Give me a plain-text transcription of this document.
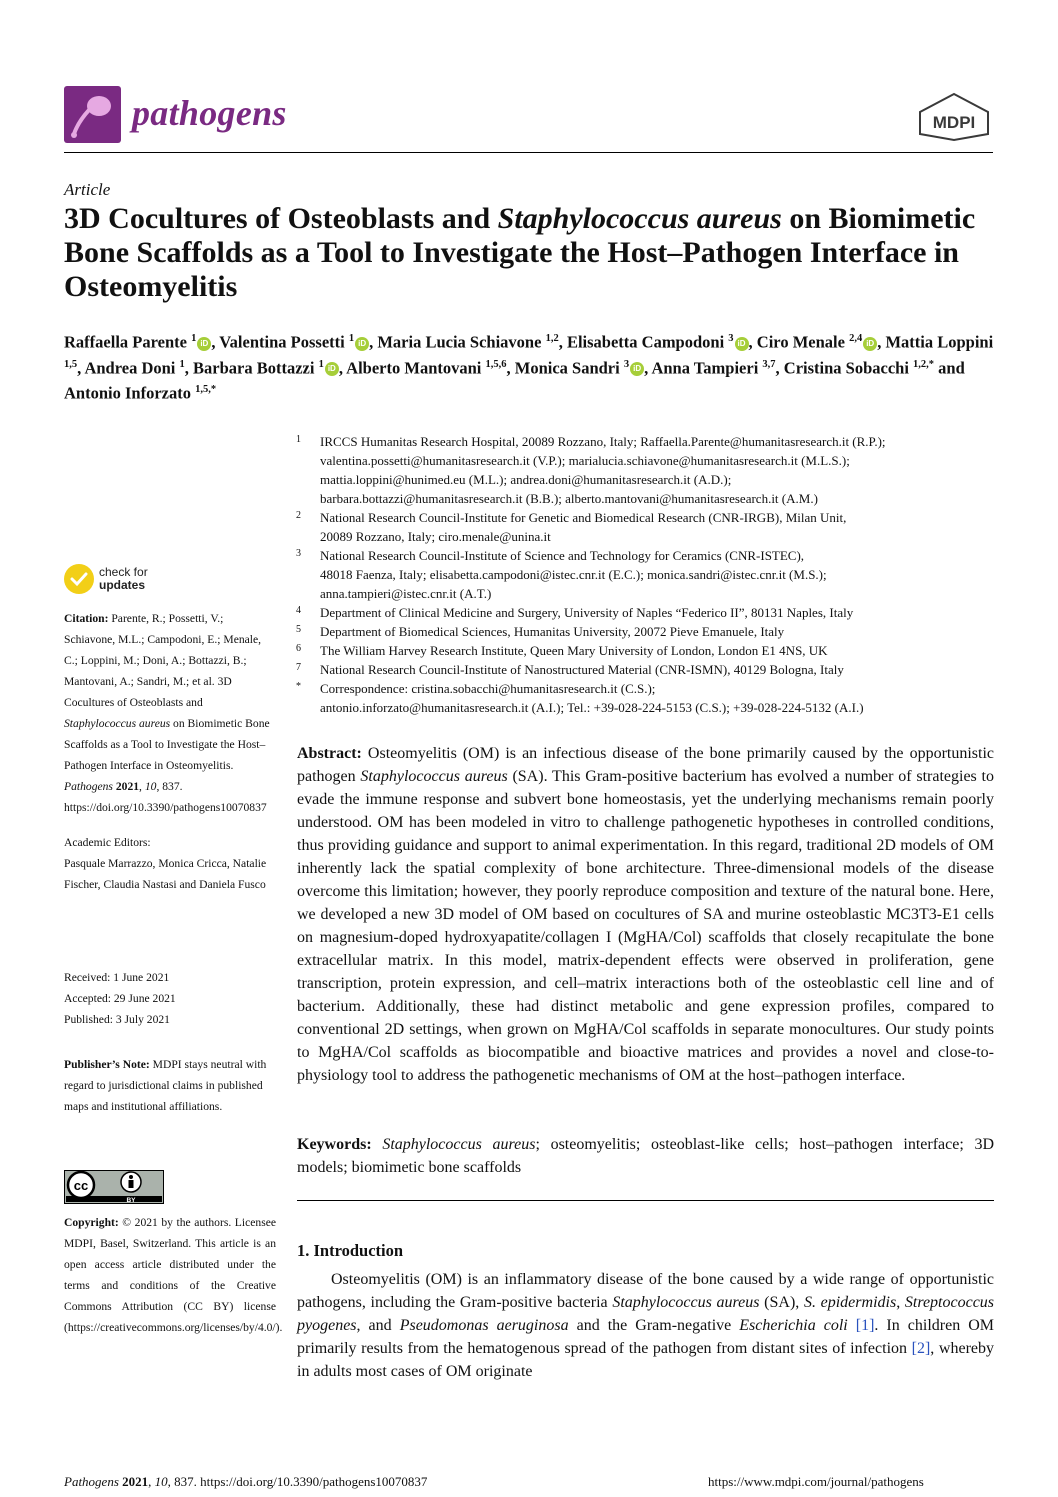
pathogens	MDPI
Article
3D Cocultures of Osteoblasts and Staphylococcus aureus on Biomimetic Bone Scaffolds as a Tool to Investigate the Host–Pathogen Interface in Osteomyelitis
Raffaella Parente $^1$ iD , Valentina Possetti $^1$ iD , Maria Lucia Schiavone $^{1,2}$, Elisabetta Campodoni $^3$ iD , Ciro Menale $^{2,4}$ iD , Mattia Loppini $^{1,5}$, Andrea Doni $^1$, Barbara Bottazzi $^1$ iD , Alberto Mantovani $^{1,5,6}$, Monica Sandri $^3$ iD , Anna Tampieri $^{3,7}$, Cristina Sobacchi $^{1,2,*}$ and Antonio Inforzato $^{1,5,*}$
1 IRCCS Humanitas Research Hospital, 20089 Rozzano, Italy; Raffaella.Parente@humanitasresearch.it (R.P.);
valentina.possetti@humanitasresearch.it (V.P.); marialucia.schiavone@humanitasresearch.it (M.L.S.);
mattia.loppini@hunimed.eu (M.L.); andrea.doni@humanitasresearch.it (A.D.);
barbara.bottazzi@humanitasresearch.it (B.B.); alberto.mantovani@humanitasresearch.it (A.M.)
2 National Research Council-Institute for Genetic and Biomedical Research (CNR-IRGB), Milan Unit,
20089 Rozzano, Italy; ciro.menale@unina.it
3 National Research Council-Institute of Science and Technology for Ceramics (CNR-ISTEC),
48018 Faenza, Italy; elisabetta.campodoni@istec.cnr.it (E.C.); monica.sandri@istec.cnr.it (M.S.);
anna.tampieri@istec.cnr.it (A.T.)
4 Department of Clinical Medicine and Surgery, University of Naples “Federico II”, 80131 Naples, Italy
5 Department of Biomedical Sciences, Humanitas University, 20072 Pieve Emanuele, Italy
6 The William Harvey Research Institute, Queen Mary University of London, London E1 4NS, UK
7 National Research Council-Institute of Nanostructured Material (CNR-ISMN), 40129 Bologna, Italy
* Correspondence: cristina.sobacchi@humanitasresearch.it (C.S.);
antonio.inforzato@humanitasresearch.it (A.I.); Tel.: +39-028-224-5153 (C.S.); +39-028-224-5132 (A.I.)
check for
updates
Citation: Parente, R.; Possetti, V.; Schiavone, M.L.; Campodoni, E.; Menale, C.; Loppini, M.; Doni, A.; Bottazzi, B.; Mantovani, A.; Sandri, M.; et al. 3D Cocultures of Osteoblasts and Staphylococcus aureus on Biomimetic Bone Scaffolds as a Tool to Investigate the Host–Pathogen Interface in Osteomyelitis. Pathogens 2021, 10, 837. https://doi.org/10.3390/pathogens10070837
Academic Editors:
Pasquale Marrazzo, Monica Cricca, Natalie Fischer, Claudia Nastasi and Daniela Fusco
Received: 1 June 2021
Accepted: 29 June 2021
Published: 3 July 2021
Publisher’s Note: MDPI stays neutral with regard to jurisdictional claims in published maps and institutional affiliations.
cc
BY
Copyright: © 2021 by the authors. Licensee MDPI, Basel, Switzerland. This article is an open access article distributed under the terms and conditions of the Creative Commons Attribution (CC BY) license (https://creativecommons.org/licenses/by/4.0/).
Abstract: Osteomyelitis (OM) is an infectious disease of the bone primarily caused by the opportunistic pathogen Staphylococcus aureus (SA). This Gram-positive bacterium has evolved a number of strategies to evade the immune response and subvert bone homeostasis, yet the underlying mechanisms remain poorly understood. OM has been modeled in vitro to challenge pathogenetic hypotheses in controlled conditions, thus providing guidance and support to animal experimentation. In this regard, traditional 2D models of OM inherently lack the spatial complexity of bone architecture. Three-dimensional models of the disease overcome this limitation; however, they poorly reproduce composition and texture of the natural bone. Here, we developed a new 3D model of OM based on cocultures of SA and murine osteoblastic MC3T3-E1 cells on magnesium-doped hydroxyapatite/collagen I (MgHA/Col) scaffolds that closely recapitulate the bone extracellular matrix. In this model, matrix-dependent effects were observed in proliferation, gene transcription, protein expression, and cell–matrix interactions both of the osteoblastic cell line and of bacterium. Additionally, these had distinct metabolic and gene expression profiles, compared to conventional 2D settings, when grown on MgHA/Col scaffolds in separate monocultures. Our study points to MgHA/Col scaffolds as biocompatible and bioactive matrices and provides a novel and close-to-physiology tool to address the pathogenetic mechanisms of OM at the host–pathogen interface.
Keywords: Staphylococcus aureus; osteomyelitis; osteoblast-like cells; host–pathogen interface; 3D models; biomimetic bone scaffolds
1. Introduction
Osteomyelitis (OM) is an inflammatory disease of the bone caused by a wide range of opportunistic pathogens, including the Gram-positive bacteria Staphylococcus aureus (SA), S. epidermidis, Streptococcus pyogenes, and Pseudomonas aeruginosa and the Gram-negative Escherichia coli [1]. In children OM primarily results from the hematogenous spread of the pathogen from distant sites of infection [2], whereby in adults most cases of OM originate
Pathogens 2021, 10, 837. https://doi.org/10.3390/pathogens10070837	https://www.mdpi.com/journal/pathogens
